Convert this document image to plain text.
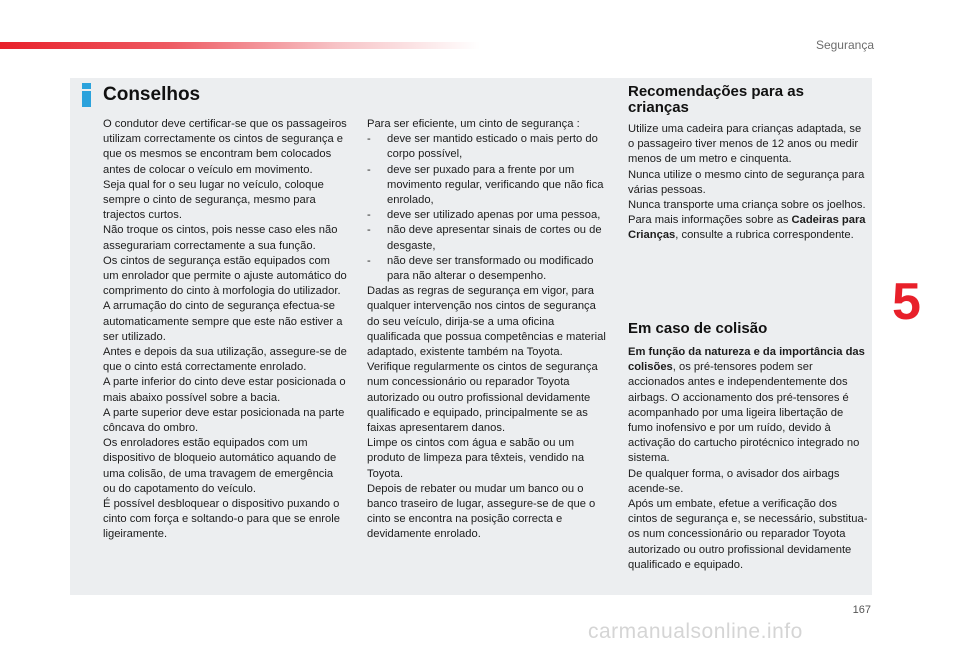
Segurança
Conselhos

O condutor deve certificar-se que os passageiros utilizam correctamente os cintos de segurança e que os mesmos se encontram bem colocados antes de colocar o veículo em movimento.

Seja qual for o seu lugar no veículo, coloque sempre o cinto de segurança, mesmo para trajectos curtos.

Não troque os cintos, pois nesse caso eles não assegurariam correctamente a sua função.

Os cintos de segurança estão equipados com um enrolador que permite o ajuste automático do comprimento do cinto à morfologia do utilizador. A arrumação do cinto de segurança efectua-se automaticamente sempre que este não estiver a ser utilizado.

Antes e depois da sua utilização, assegure-se de que o cinto está correctamente enrolado.

A parte inferior do cinto deve estar posicionada o mais abaixo possível sobre a bacia.

A parte superior deve estar posicionada na parte côncava do ombro.

Os enroladores estão equipados com um dispositivo de bloqueio automático aquando de uma colisão, de uma travagem de emergência ou do capotamento do veículo.

É possível desbloquear o dispositivo puxando o cinto com força e soltando-o para que se enrole ligeiramente.

Para ser eficiente, um cinto de segurança :

- deve ser mantido esticado o mais perto do corpo possível,

- deve ser puxado para a frente por um movimento regular, verificando que não fica enrolado,

- deve ser utilizado apenas por uma pessoa,

- não deve apresentar sinais de cortes ou de desgaste,

- não deve ser transformado ou modificado para não alterar o desempenho.

Dadas as regras de segurança em vigor, para qualquer intervenção nos cintos de segurança do seu veículo, dirija-se a uma oficina qualificada que possua competências e material adaptado, existente também na Toyota.

Verifique regularmente os cintos de segurança num concessionário ou reparador Toyota autorizado ou outro profissional devidamente qualificado e equipado, principalmente se as faixas apresentarem danos.

Limpe os cintos com água e sabão ou um produto de limpeza para têxteis, vendido na Toyota.

Depois de rebater ou mudar um banco ou o banco traseiro de lugar, assegure-se de que o cinto se encontra na posição correcta e devidamente enrolado.

Recomendações para as crianças

Utilize uma cadeira para crianças adaptada, se o passageiro tiver menos de 12 anos ou medir menos de um metro e cinquenta.

Nunca utilize o mesmo cinto de segurança para várias pessoas.

Nunca transporte uma criança sobre os joelhos.

Para mais informações sobre as Cadeiras para Crianças, consulte a rubrica correspondente.

Em caso de colisão

Em função da natureza e da importância das colisões, os pré-tensores podem ser accionados antes e independentemente dos airbags. O accionamento dos pré-tensores é acompanhado por uma ligeira libertação de fumo inofensivo e por um ruído, devido à activação do cartucho pirotécnico integrado no sistema.

De qualquer forma, o avisador dos airbags acende-se.

Após um embate, efetue a verificação dos cintos de segurança e, se necessário, substitua-os num concessionário ou reparador Toyota autorizado ou outro profissional devidamente qualificado e equipado.

5
167
carmanualsonline.info
